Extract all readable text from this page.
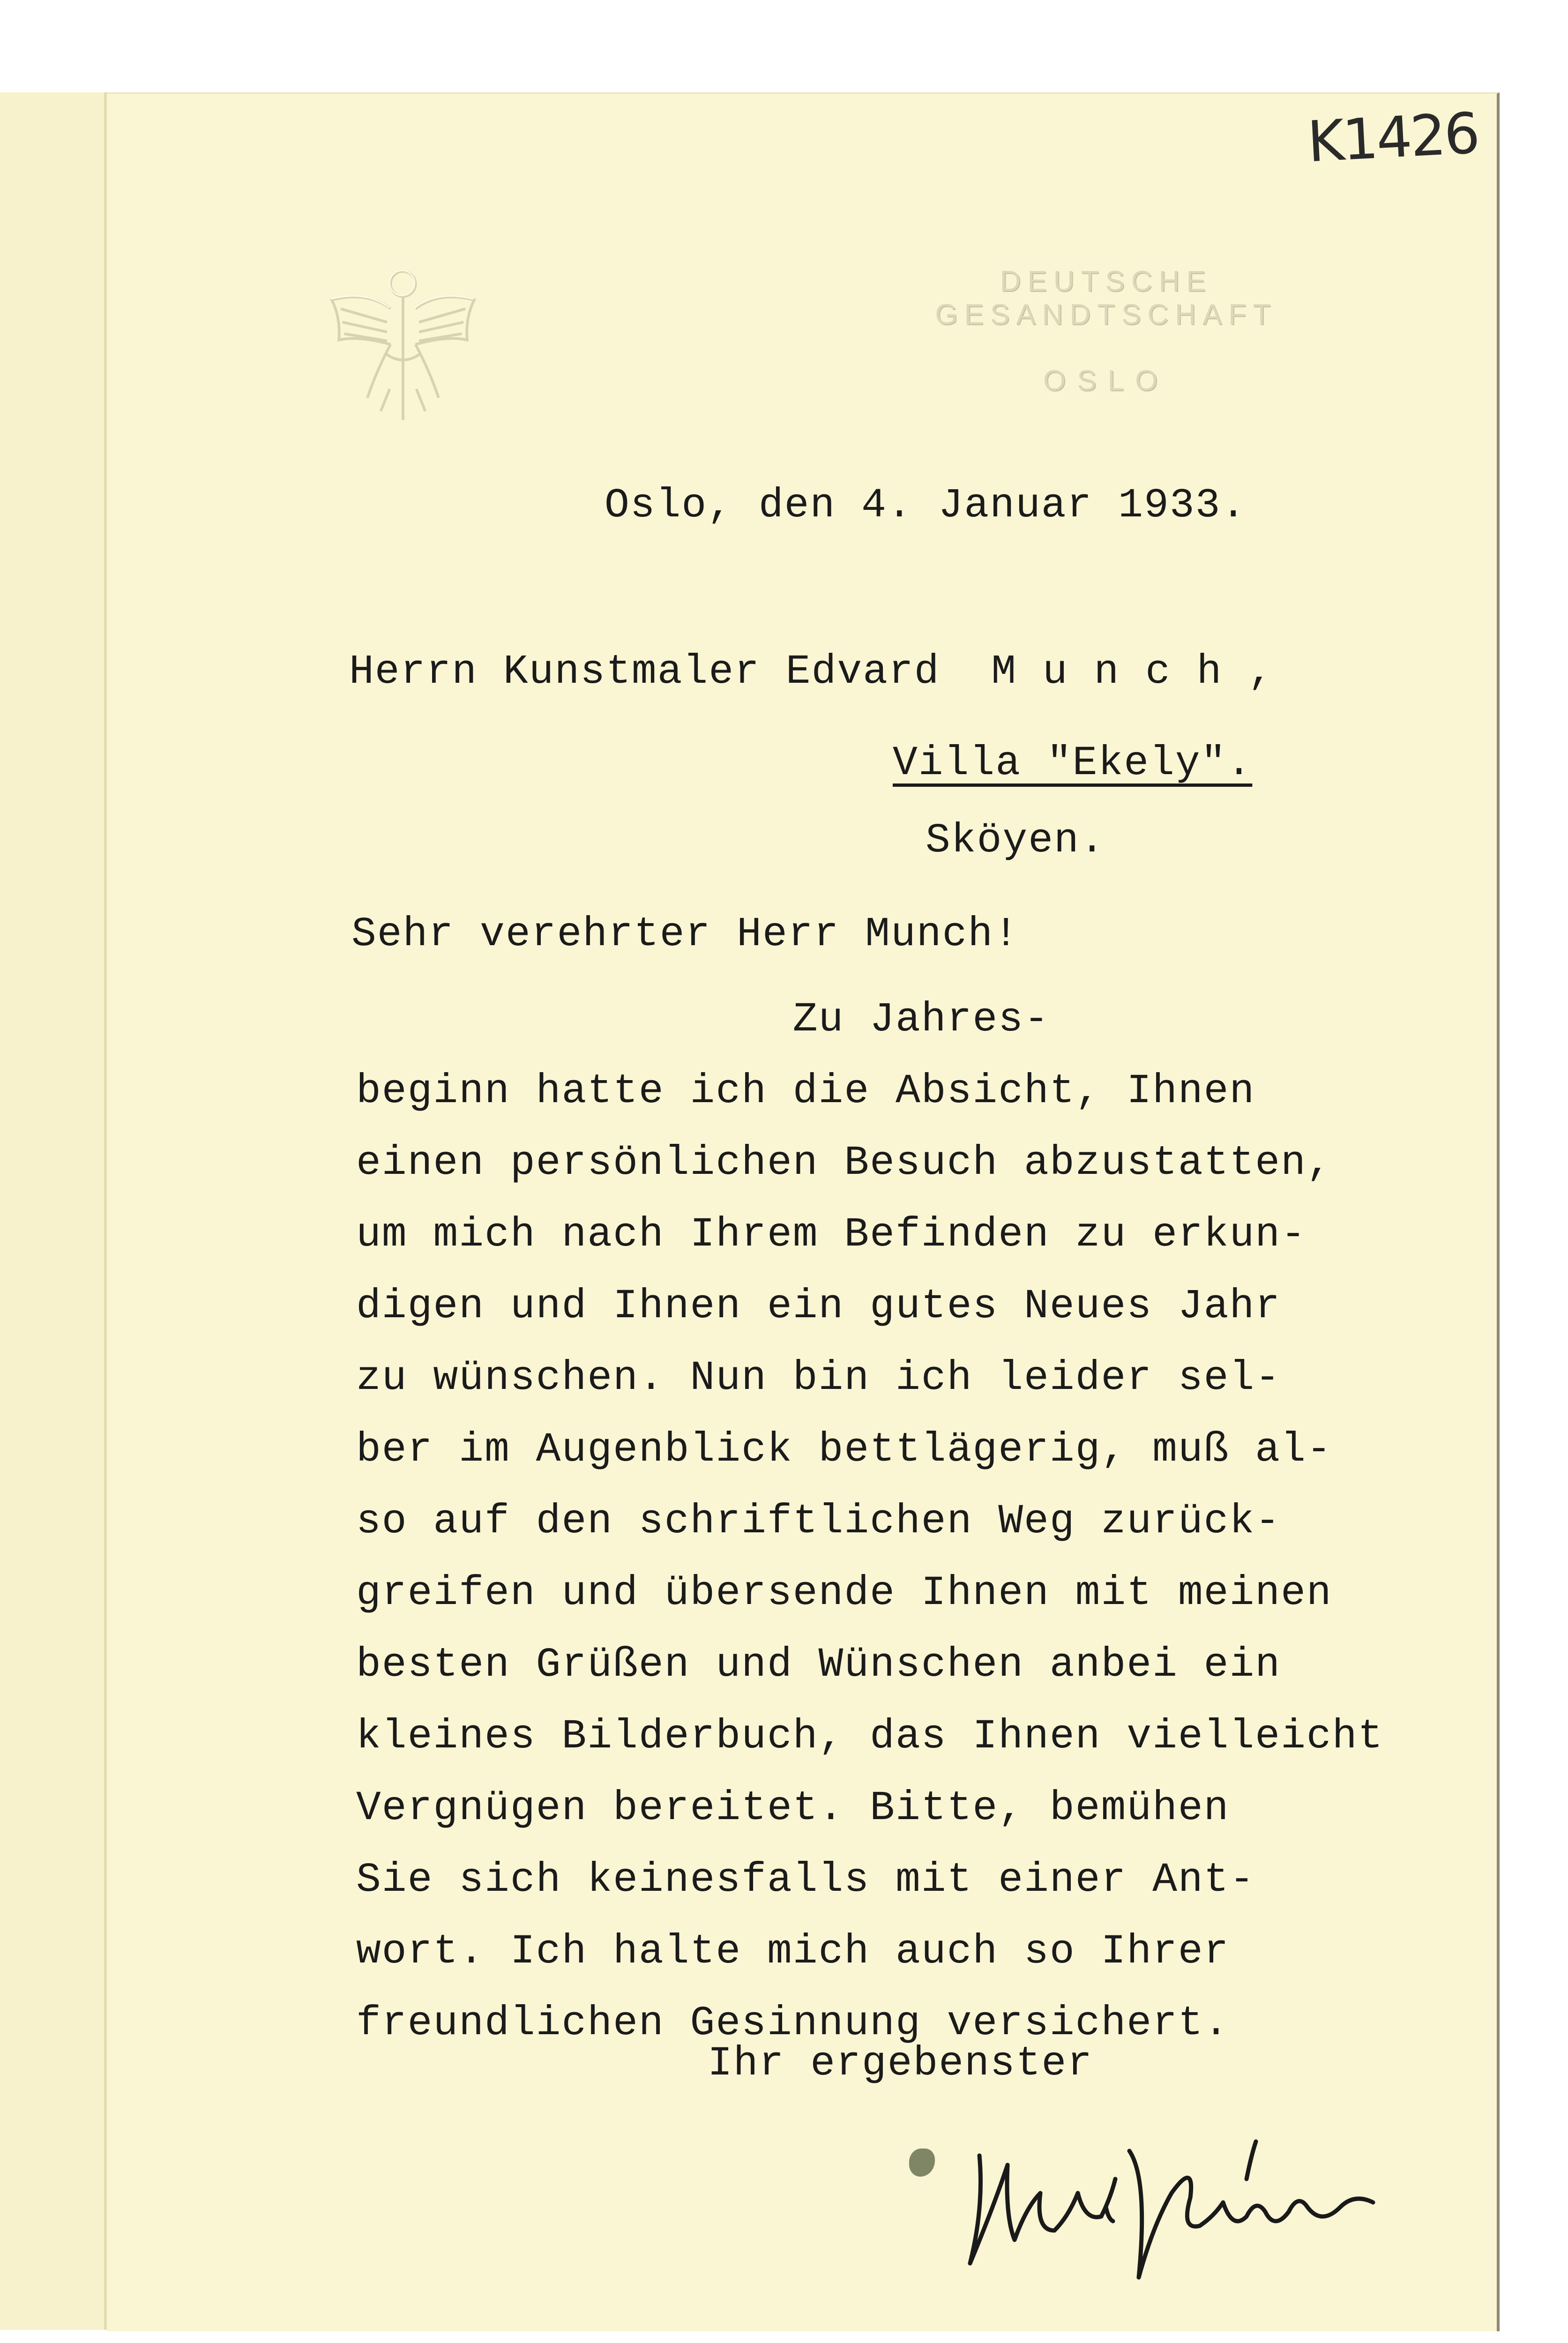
K1426
DEUTSCHE GESANDTSCHAFT
OSLO
Oslo, den 4. Januar 1933.
Herrn Kunstmaler Edvard  M u n c h ,
Villa "Ekely".
Sköyen.
Sehr verehrter Herr Munch!
Zu Jahres-
beginn hatte ich die Absicht, Ihnen
einen persönlichen Besuch abzustatten,
um mich nach Ihrem Befinden zu erkun-
digen und Ihnen ein gutes Neues Jahr
zu wünschen. Nun bin ich leider sel-
ber im Augenblick bettlägerig, muß al-
so auf den schriftlichen Weg zurück-
greifen und übersende Ihnen mit meinen
besten Grüßen und Wünschen anbei ein
kleines Bilderbuch, das Ihnen vielleicht
Vergnügen bereitet. Bitte, bemühen
Sie sich keinesfalls mit einer Ant-
wort. Ich halte mich auch so Ihrer
freundlichen Gesinnung versichert.
Ihr ergebenster
